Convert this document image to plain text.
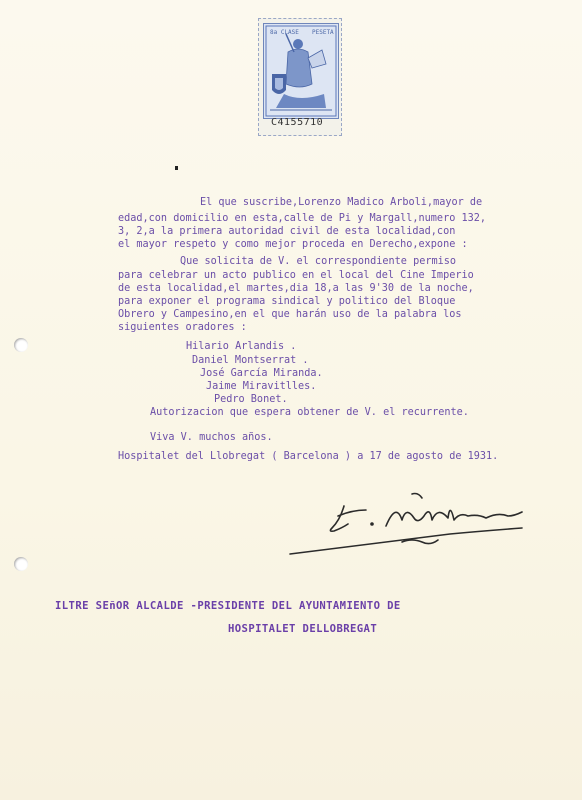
8a CLASE PESETA
C4155710
El que suscribe,Lorenzo Madico Arboli,mayor de
edad,con domicilio en esta,calle de Pi y Margall,numero 132,
3, 2,a la primera autoridad civil de esta localidad,con
el mayor respeto y como mejor proceda en Derecho,expone :
Que solicita de V. el correspondiente permiso
para celebrar un acto publico en el local del Cine Imperio
de esta localidad,el martes,dia 18,a las 9'30 de la noche,
para exponer el programa sindical y politico del Bloque
Obrero y Campesino,en el que harán uso de la palabra los
siguientes oradores :
Hilario Arlandis .
Daniel Montserrat .
José García Miranda.
Jaime Miravitlles.
Pedro Bonet.
Autorizacion que espera obtener de V. el recurrente.
Viva V. muchos años.
Hospitalet del Llobregat ( Barcelona ) a 17 de agosto de 1931.
ILTRE SEñOR ALCALDE -PRESIDENTE DEL AYUNTAMIENTO DE
HOSPITALET DELLOBREGAT
